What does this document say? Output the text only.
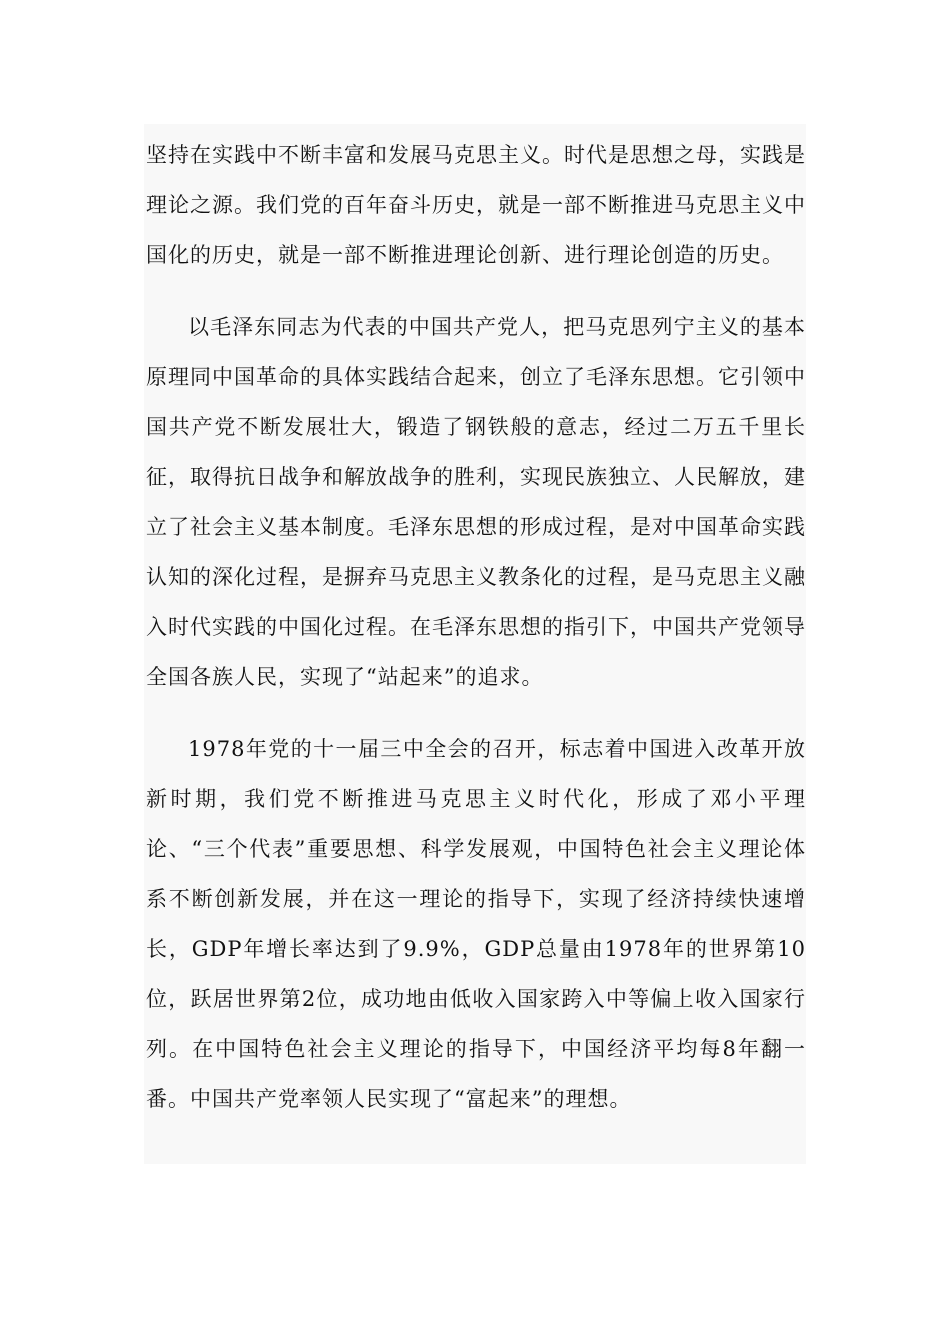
坚持在实践中不断丰富和发展马克思主义。时代是思想之母，实践是理论之源。我们党的百年奋斗历史，就是一部不断推进马克思主义中国化的历史，就是一部不断推进理论创新、进行理论创造的历史。

以毛泽东同志为代表的中国共产党人，把马克思列宁主义的基本原理同中国革命的具体实践结合起来，创立了毛泽东思想。它引领中国共产党不断发展壮大，锻造了钢铁般的意志，经过二万五千里长征，取得抗日战争和解放战争的胜利，实现民族独立、人民解放，建立了社会主义基本制度。毛泽东思想的形成过程，是对中国革命实践认知的深化过程，是摒弃马克思主义教条化的过程，是马克思主义融入时代实践的中国化过程。在毛泽东思想的指引下，中国共产党领导全国各族人民，实现了“站起来”的追求。

1978年党的十一届三中全会的召开，标志着中国进入改革开放新时期，我们党不断推进马克思主义时代化，形成了邓小平理论、“三个代表”重要思想、科学发展观，中国特色社会主义理论体系不断创新发展，并在这一理论的指导下，实现了经济持续快速增长，GDP年增长率达到了9.9%，GDP总量由1978年的世界第10位，跃居世界第2位，成功地由低收入国家跨入中等偏上收入国家行列。在中国特色社会主义理论的指导下，中国经济平均每8年翻一番。中国共产党率领人民实现了“富起来”的理想。
